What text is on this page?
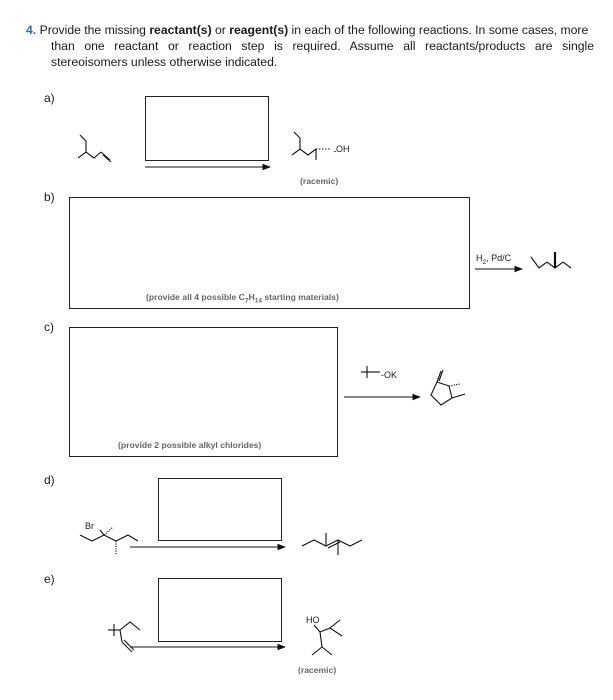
4. Provide the missing reactant(s) or reagent(s) in each of the following reactions. In some cases, more
than one reactant or reaction step is required. Assume all reactants/products are single
stereoisomers unless otherwise indicated.
a)
b)
c)
d)
e)
(racemic)
(provide all 4 possible $C_7H_{14}$ starting materials)
(provide 2 possible alkyl chlorides)
(racemic)
..OH
$H_2$, Pd/C
-OK
Br
HO
